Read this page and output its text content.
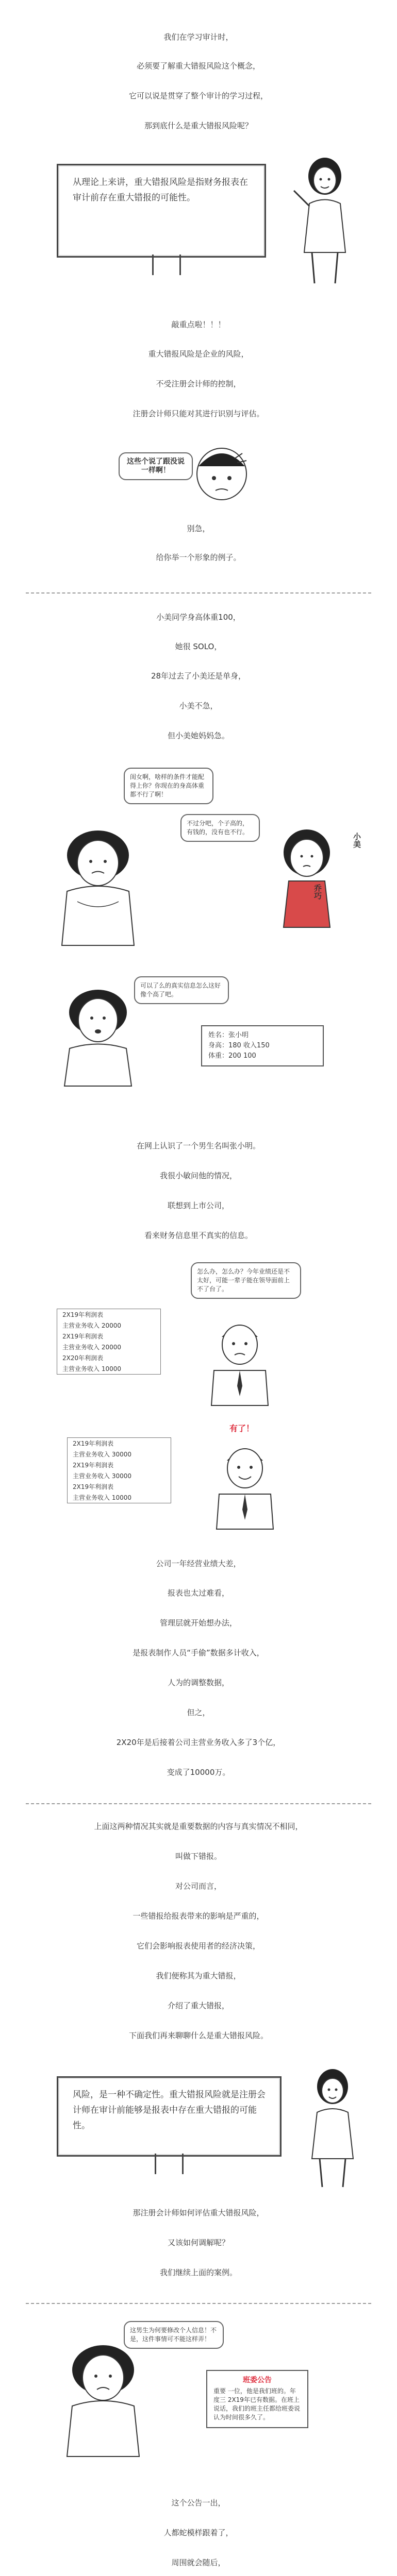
我们在学习审计时，
必须要了解重大错报风险这个概念，
它可以说是贯穿了整个审计的学习过程，
那到底什么是重大错报风险呢？
从理论上来讲，重大错报风险是指财务报表在审计前存在重大错报的可能性。
敲重点啦！！！
重大错报风险是企业的风险，
不受注册会计师的控制，
注册会计师只能对其进行识别与评估。
这些个说了跟没说一样啊！
别急，
给你举一个形象的例子。
小美同学身高体重100，
她很 SOLO，
28年过去了小美还是单身，
小美不急，
但小美她妈妈急。
闺女啊，啥样的条件才能配得上你？你现在的身高体重都不行了啊！
不过分吧，个子高的，有钱的，没有也不行。
小美
乔巧
可以了么的真实信息怎么这好像个高了吧。
姓名：张小明
身高：180 收入150
体重：200 100
在网上认识了一个男生名叫张小明。
我很小敏问他的情况，
联想到上市公司，
看来财务信息里不真实的信息。
怎么办，怎么办？今年业绩还是不太好，可能一辈子能在领导面前上不了台了。
2X19年利润表
主营业务收入 20000
2X19年利润表
主营业务收入 20000
2X20年利润表
主营业务收入 10000
2X19年利润表
主营业务收入 30000
2X19年利润表
主营业务收入 30000
2X19年利润表
主营业务收入 10000
有了！
公司一年经营业绩大差，
报表也太过难看，
管理层就开始想办法，
是报表制作人员“手偷”数据多计收入，
人为的调整数据，
但之，
2X20年是后接着公司主营业务收入多了3个亿，
变成了10000万。
上面这两种情况其实就是重要数据的内容与真实情况不相同，
叫做下错报。
对公司而言，
一些错报给报表带来的影响是严重的，
它们会影响报表使用者的经济决策，
我们便称其为重大错报，
介绍了重大错报，
下面我们再来聊聊什么是重大错报风险。
风险，是一种不确定性。重大错报风险就是注册会计师在审计前能够是报表中存在重大错报的可能性。
那注册会计师如何评估重大错报风险，
又该如何调解呢？
我们继续上面的案例。
这男生为何要修改个人信息！不是，这件事情可不能这样弄！
班委公告
重要 一位，他是我们班的。年度三 2X19年已有数据。在班上说话，我们的班主任都给班委说认为时间很多久了。
这个公告一出，
人都蛇模样跟着了，
周围就会随后，
